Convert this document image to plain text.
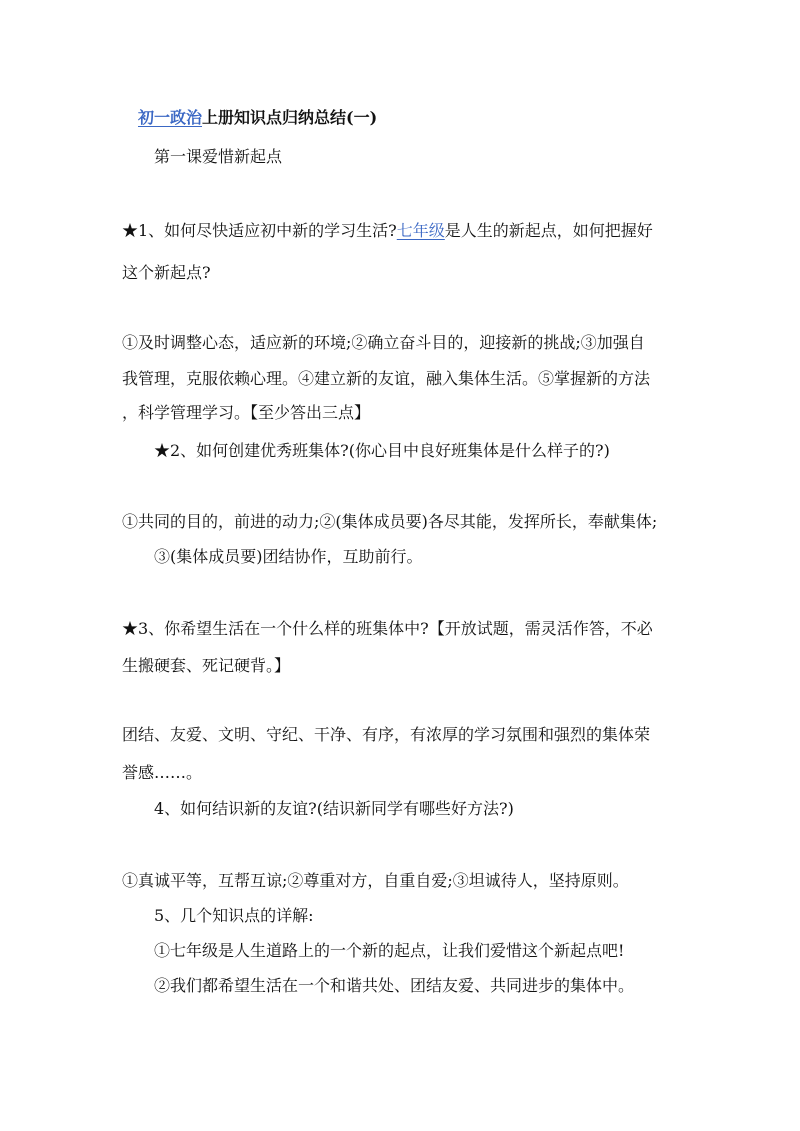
初一政治上册知识点归纳总结(一)
第一课爱惜新起点
★1、如何尽快适应初中新的学习生活?七年级是人生的新起点，如何把握好
这个新起点?
①及时调整心态，适应新的环境;②确立奋斗目的，迎接新的挑战;③加强自
我管理，克服依赖心理。④建立新的友谊，融入集体生活。⑤掌握新的方法
，科学管理学习。【至少答出三点】
★2、如何创建优秀班集体?(你心目中良好班集体是什么样子的?)
①共同的目的，前进的动力;②(集体成员要)各尽其能，发挥所长，奉献集体;
③(集体成员要)团结协作，互助前行。
★3、你希望生活在一个什么样的班集体中?【开放试题，需灵活作答，不必
生搬硬套、死记硬背。】
团结、友爱、文明、守纪、干净、有序，有浓厚的学习氛围和强烈的集体荣
誉感……。
4、如何结识新的友谊?(结识新同学有哪些好方法?)
①真诚平等，互帮互谅;②尊重对方，自重自爱;③坦诚待人，坚持原则。
5、几个知识点的详解:
①七年级是人生道路上的一个新的起点，让我们爱惜这个新起点吧!
②我们都希望生活在一个和谐共处、团结友爱、共同进步的集体中。
